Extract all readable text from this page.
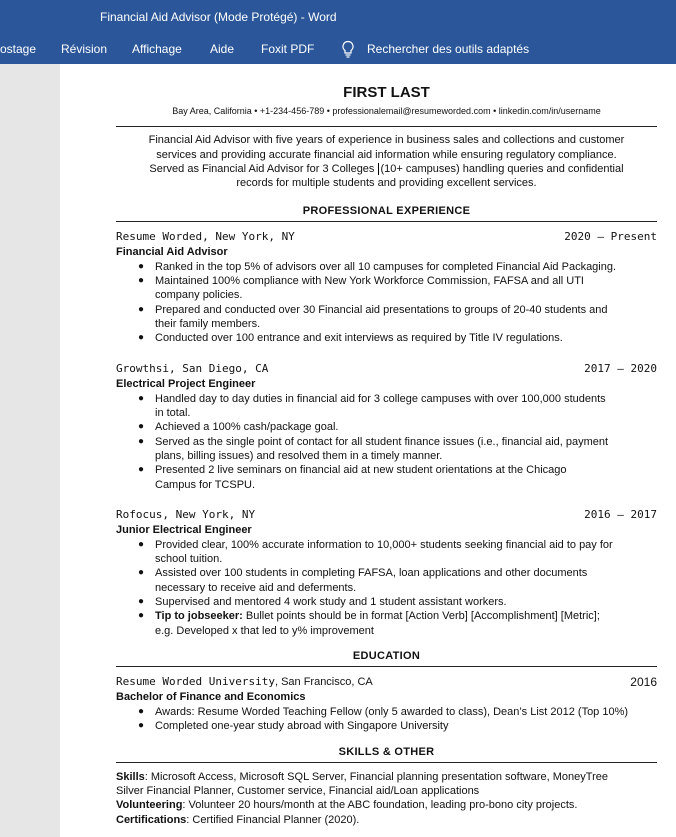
Financial Aid Advisor (Mode Protégé) - Word
ostage Révision Affichage Aide Foxit PDF	Rechercher des outils adaptés
FIRST LAST
Bay Area, California • +1-234-456-789 • professionalemail@resumeworded.com • linkedin.com/in/username
Financial Aid Advisor with five years of experience in business sales and collections and customer
services and providing accurate financial aid information while ensuring regulatory compliance.
Served as Financial Aid Advisor for 3 Colleges (10+ campuses) handling queries and confidential
records for multiple students and providing excellent services.
PROFESSIONAL EXPERIENCE
Resume Worded, New York, NY	2020 – Present
Financial Aid Advisor
● Ranked in the top 5% of advisors over all 10 campuses for completed Financial Aid Packaging.
● Maintained 100% compliance with New York Workforce Commission, FAFSA and all UTI
company policies.
● Prepared and conducted over 30 Financial aid presentations to groups of 20-40 students and
their family members.
● Conducted over 100 entrance and exit interviews as required by Title IV regulations.
Growthsi, San Diego, CA	2017 – 2020
Electrical Project Engineer
● Handled day to day duties in financial aid for 3 college campuses with over 100,000 students
in total.
● Achieved a 100% cash/package goal.
● Served as the single point of contact for all student finance issues (i.e., financial aid, payment
plans, billing issues) and resolved them in a timely manner.
● Presented 2 live seminars on financial aid at new student orientations at the Chicago
Campus for TCSPU.
Rofocus, New York, NY	2016 – 2017
Junior Electrical Engineer
● Provided clear, 100% accurate information to 10,000+ students seeking financial aid to pay for
school tuition.
● Assisted over 100 students in completing FAFSA, loan applications and other documents
necessary to receive aid and deferments.
● Supervised and mentored 4 work study and 1 student assistant workers.
● Tip to jobseeker: Bullet points should be in format [Action Verb] [Accomplishment] [Metric];
e.g. Developed x that led to y% improvement
EDUCATION
Resume Worded University, San Francisco, CA	2016
Bachelor of Finance and Economics
● Awards: Resume Worded Teaching Fellow (only 5 awarded to class), Dean’s List 2012 (Top 10%)
● Completed one-year study abroad with Singapore University
SKILLS & OTHER
Skills: Microsoft Access, Microsoft SQL Server, Financial planning presentation software, MoneyTree
Silver Financial Planner, Customer service, Financial aid/Loan applications
Volunteering: Volunteer 20 hours/month at the ABC foundation, leading pro-bono city projects.
Certifications: Certified Financial Planner (2020).
